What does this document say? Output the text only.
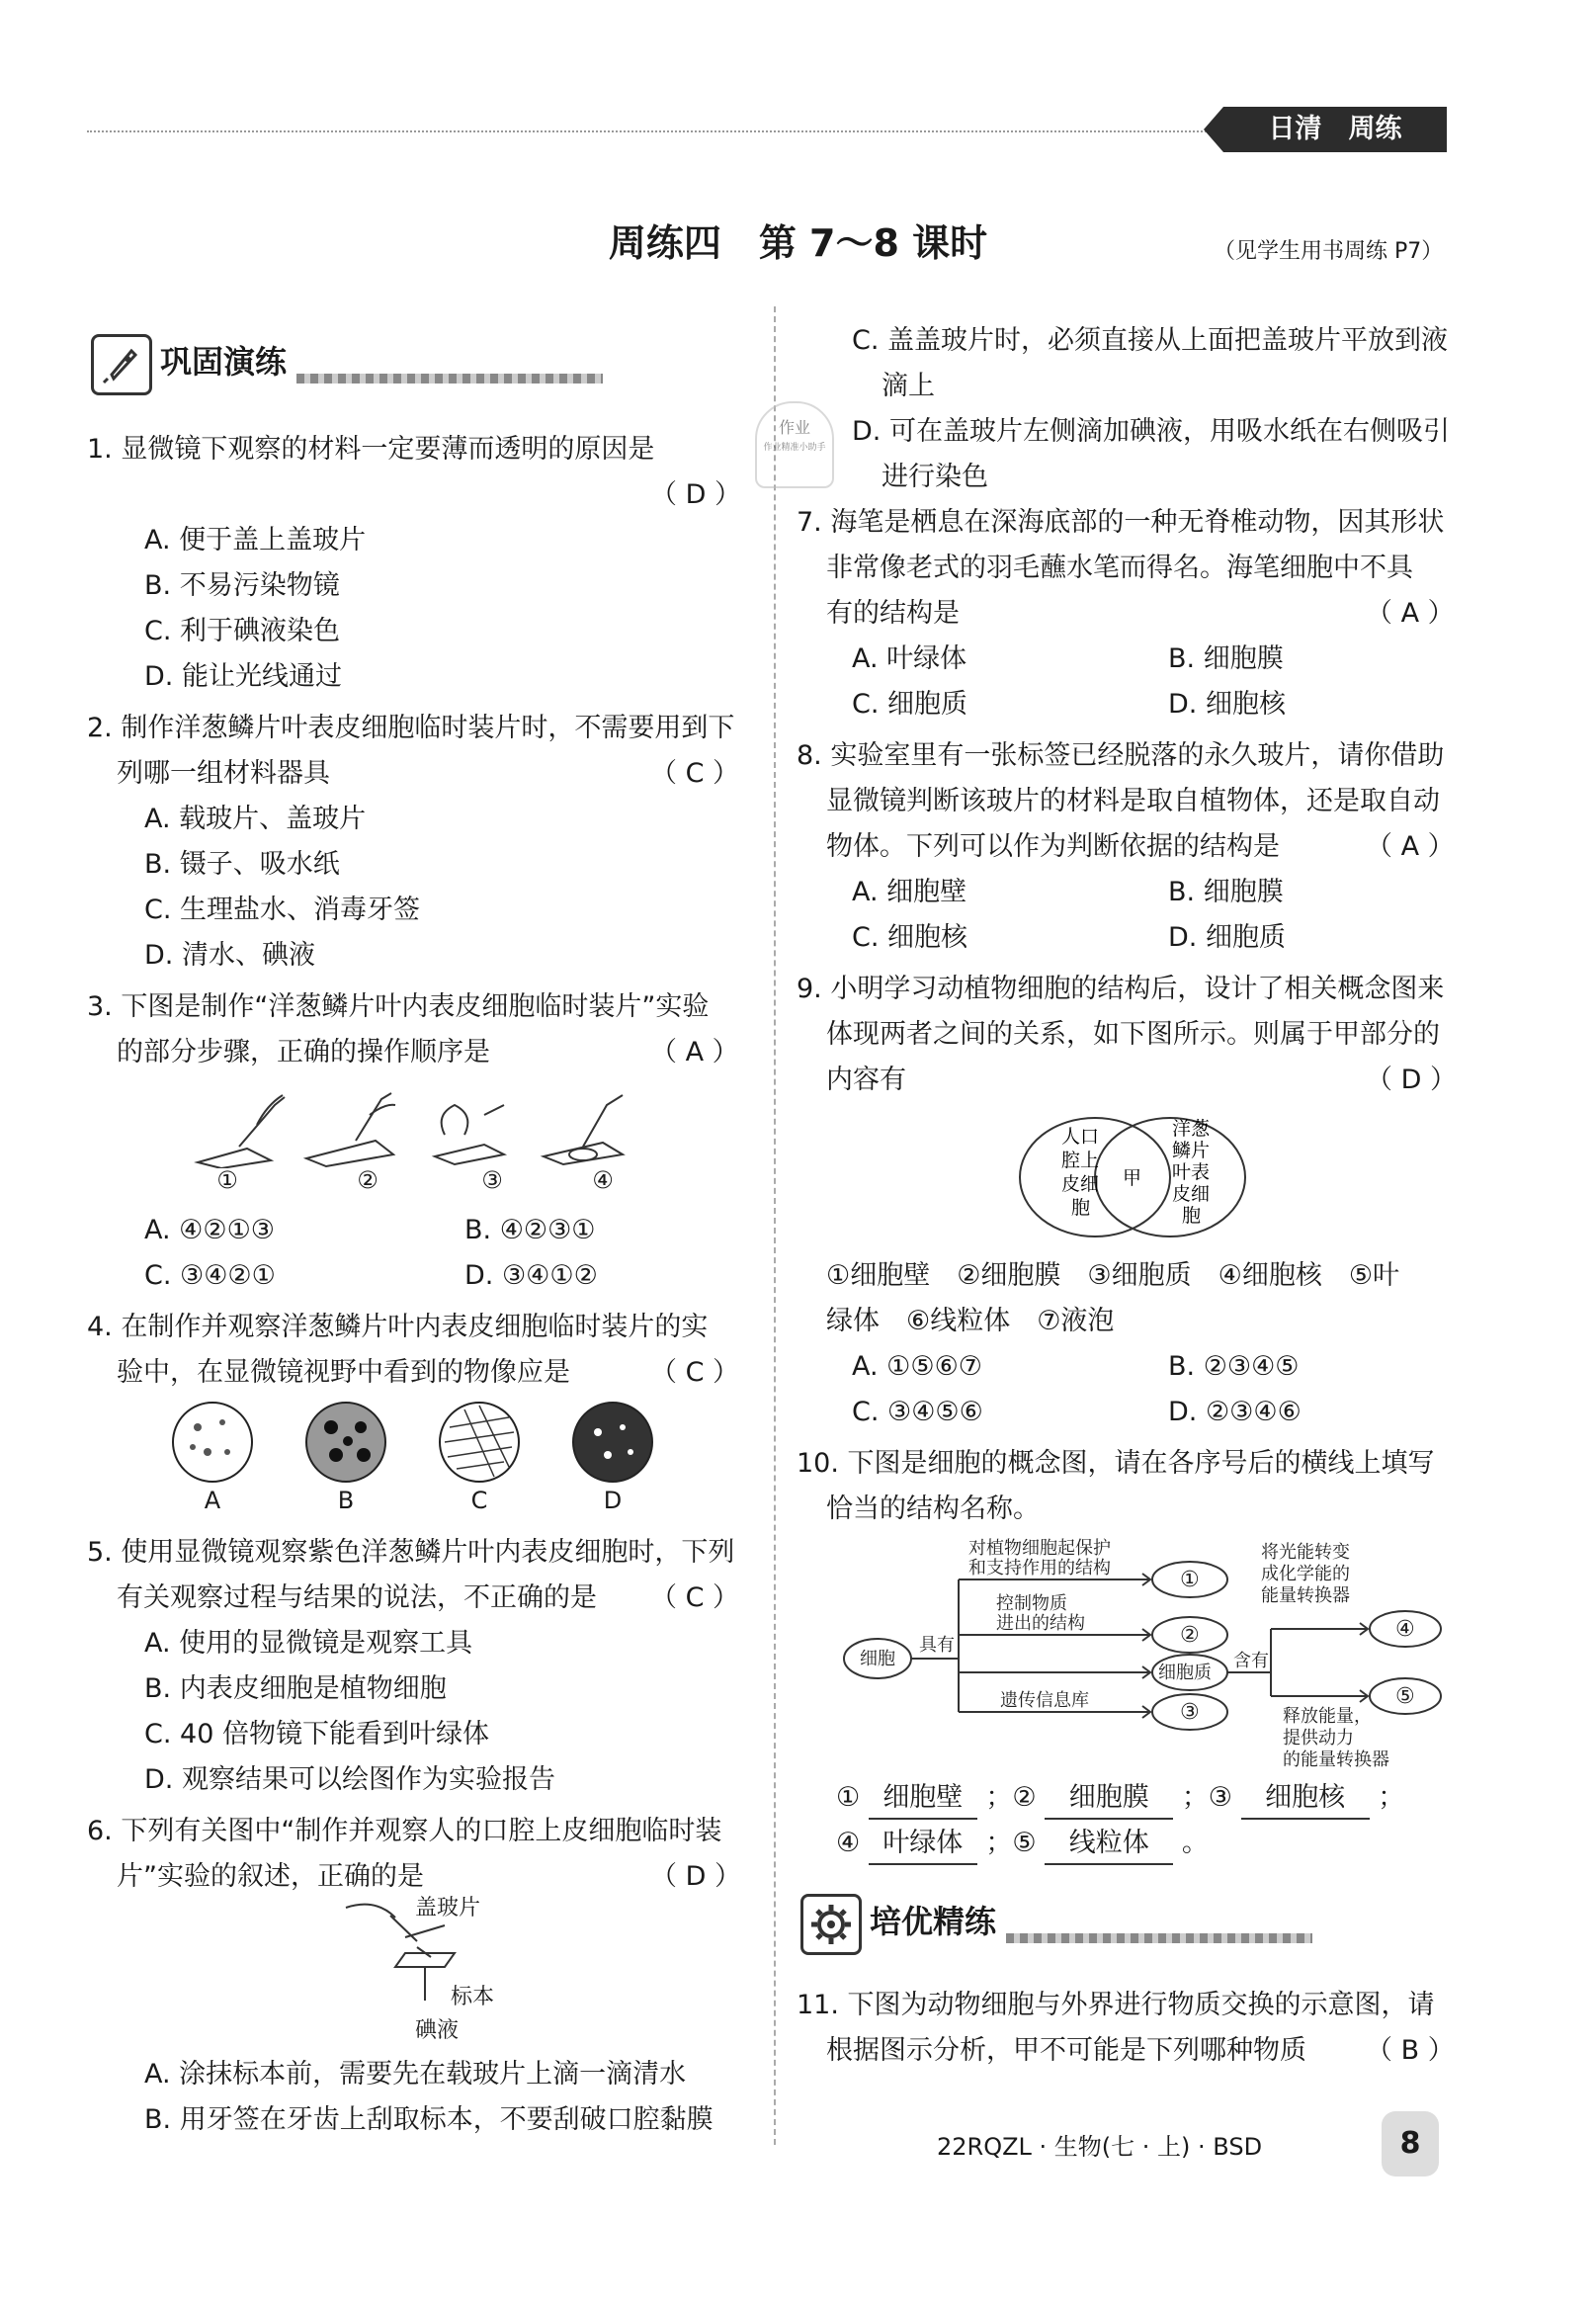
日清　周练
周练四　第 7～8 课时	（见学生用书周练 P7）
巩固演练
1. 显微镜下观察的材料一定要薄而透明的原因是
（ D ）
A. 便于盖上盖玻片
B. 不易污染物镜
C. 利于碘液染色
D. 能让光线通过
2. 制作洋葱鳞片叶表皮细胞临时装片时，不需要用到下
列哪一组材料器具	（ C ）
A. 载玻片、盖玻片
B. 镊子、吸水纸
C. 生理盐水、消毒牙签
D. 清水、碘液
3. 下图是制作“洋葱鳞片叶内表皮细胞临时装片”实验
的部分步骤，正确的操作顺序是	（ A ）
①	②	③	④
A. ④②①③	B. ④②③①
C. ③④②①	D. ③④①②
4. 在制作并观察洋葱鳞片叶内表皮细胞临时装片的实
验中，在显微镜视野中看到的物像应是	（ C ）
A	B	C	D
5. 使用显微镜观察紫色洋葱鳞片叶内表皮细胞时，下列
有关观察过程与结果的说法，不正确的是 （ C ）
A. 使用的显微镜是观察工具
B. 内表皮细胞是植物细胞
C. 40 倍物镜下能看到叶绿体
D. 观察结果可以绘图作为实验报告
6. 下列有关图中“制作并观察人的口腔上皮细胞临时装
片”实验的叙述，正确的是	（ D ）
盖玻片
标本
碘液
A. 涂抹标本前，需要先在载玻片上滴一滴清水
B. 用牙签在牙齿上刮取标本，不要刮破口腔黏膜
C. 盖盖玻片时，必须直接从上面把盖玻片平放到液
滴上
D. 可在盖玻片左侧滴加碘液，用吸水纸在右侧吸引
进行染色
作业
作业精准小助手
7. 海笔是栖息在深海底部的一种无脊椎动物，因其形状
非常像老式的羽毛蘸水笔而得名。海笔细胞中不具
有的结构是	（ A ）
A. 叶绿体	B. 细胞膜
C. 细胞质	D. 细胞核
8. 实验室里有一张标签已经脱落的永久玻片，请你借助
显微镜判断该玻片的材料是取自植物体，还是取自动
物体。下列可以作为判断依据的结构是	（ A ）
A. 细胞壁	B. 细胞膜
C. 细胞核	D. 细胞质
9. 小明学习动植物细胞的结构后，设计了相关概念图来
体现两者之间的关系，如下图所示。则属于甲部分的
内容有	（ D ）
人口
腔上
皮细
胞
甲
洋葱
鳞片
叶表
皮细
胞
①细胞壁　②细胞膜　③细胞质　④细胞核　⑤叶
绿体　⑥线粒体　⑦液泡
A. ①⑤⑥⑦	B. ②③④⑤
C. ③④⑤⑥	D. ②③④⑥
10. 下图是细胞的概念图，请在各序号后的横线上填写
恰当的结构名称。
细胞
具有
对植物细胞起保护
和支持作用的结构
控制物质
进出的结构
遗传信息库
①
②
细胞质
③
含有
将光能转变
成化学能的
能量转换器
④
⑤
释放能量，
提供动力
的能量转换器
① 细胞壁 ；② 细胞膜 ；③ 细胞核 ；
④ 叶绿体 ；⑤ 线粒体 。
培优精练
11. 下图为动物细胞与外界进行物质交换的示意图，请
根据图示分析，甲不可能是下列哪种物质 （ B ）
22RQZL · 生物(七 · 上) · BSD	8
